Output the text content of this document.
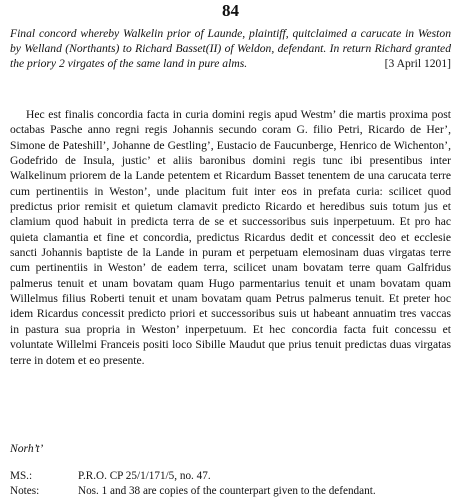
84

Final concord whereby Walkelin prior of Launde, plaintiff, quitclaimed a carucate in Weston by Welland (Northants) to Richard Basset(II) of Weldon, defendant. In return Richard granted the priory 2 virgates of the same land in pure alms.	[3 April 1201]

Hec est finalis concordia facta in curia domini regis apud Westm’ die martis proxima post octabas Pasche anno regni regis Johannis secundo coram G. filio Petri, Ricardo de Her’, Simone de Pateshill’, Johanne de Gestling’, Eustacio de Faucunberge, Henrico de Wichenton’, Godefrido de Insula, justic’ et aliis baronibus domini regis tunc ibi presentibus inter Walkelinum priorem de la Lande petentem et Ricardum Basset tenentem de una carucata terre cum pertinentiis in Weston’, unde placitum fuit inter eos in prefata curia: scilicet quod predictus prior remisit et quietum clamavit predicto Ricardo et heredibus suis totum jus et clamium quod habuit in predicta terra de se et successoribus suis inperpetuum. Et pro hac quieta clamantia et fine et concordia, predictus Ricardus dedit et concessit deo et ecclesie sancti Johannis baptiste de la Lande in puram et perpetuam elemosinam duas virgatas terre cum pertinentiis in Weston’ de eadem terra, scilicet unam bovatam terre quam Galfridus palmerus tenuit et unam bovatam quam Hugo parmentarius tenuit et unam bovatam quam Willelmus filius Roberti tenuit et unam bovatam quam Petrus palmerus tenuit. Et preter hoc idem Ricardus concessit predicto priori et successoribus suis ut habeant annuatim tres vaccas in pastura sua propria in Weston’ inperpetuum. Et hec concordia facta fuit concessu et voluntate Willelmi Franceis positi loco Sibille Maudut que prius tenuit predictas duas virgatas terre in dotem et eo presente.

Norh’t’

MS.:	P.R.O. CP 25/1/171/5, no. 47.
Notes:	Nos. 1 and 38 are copies of the counterpart given to the defendant.
